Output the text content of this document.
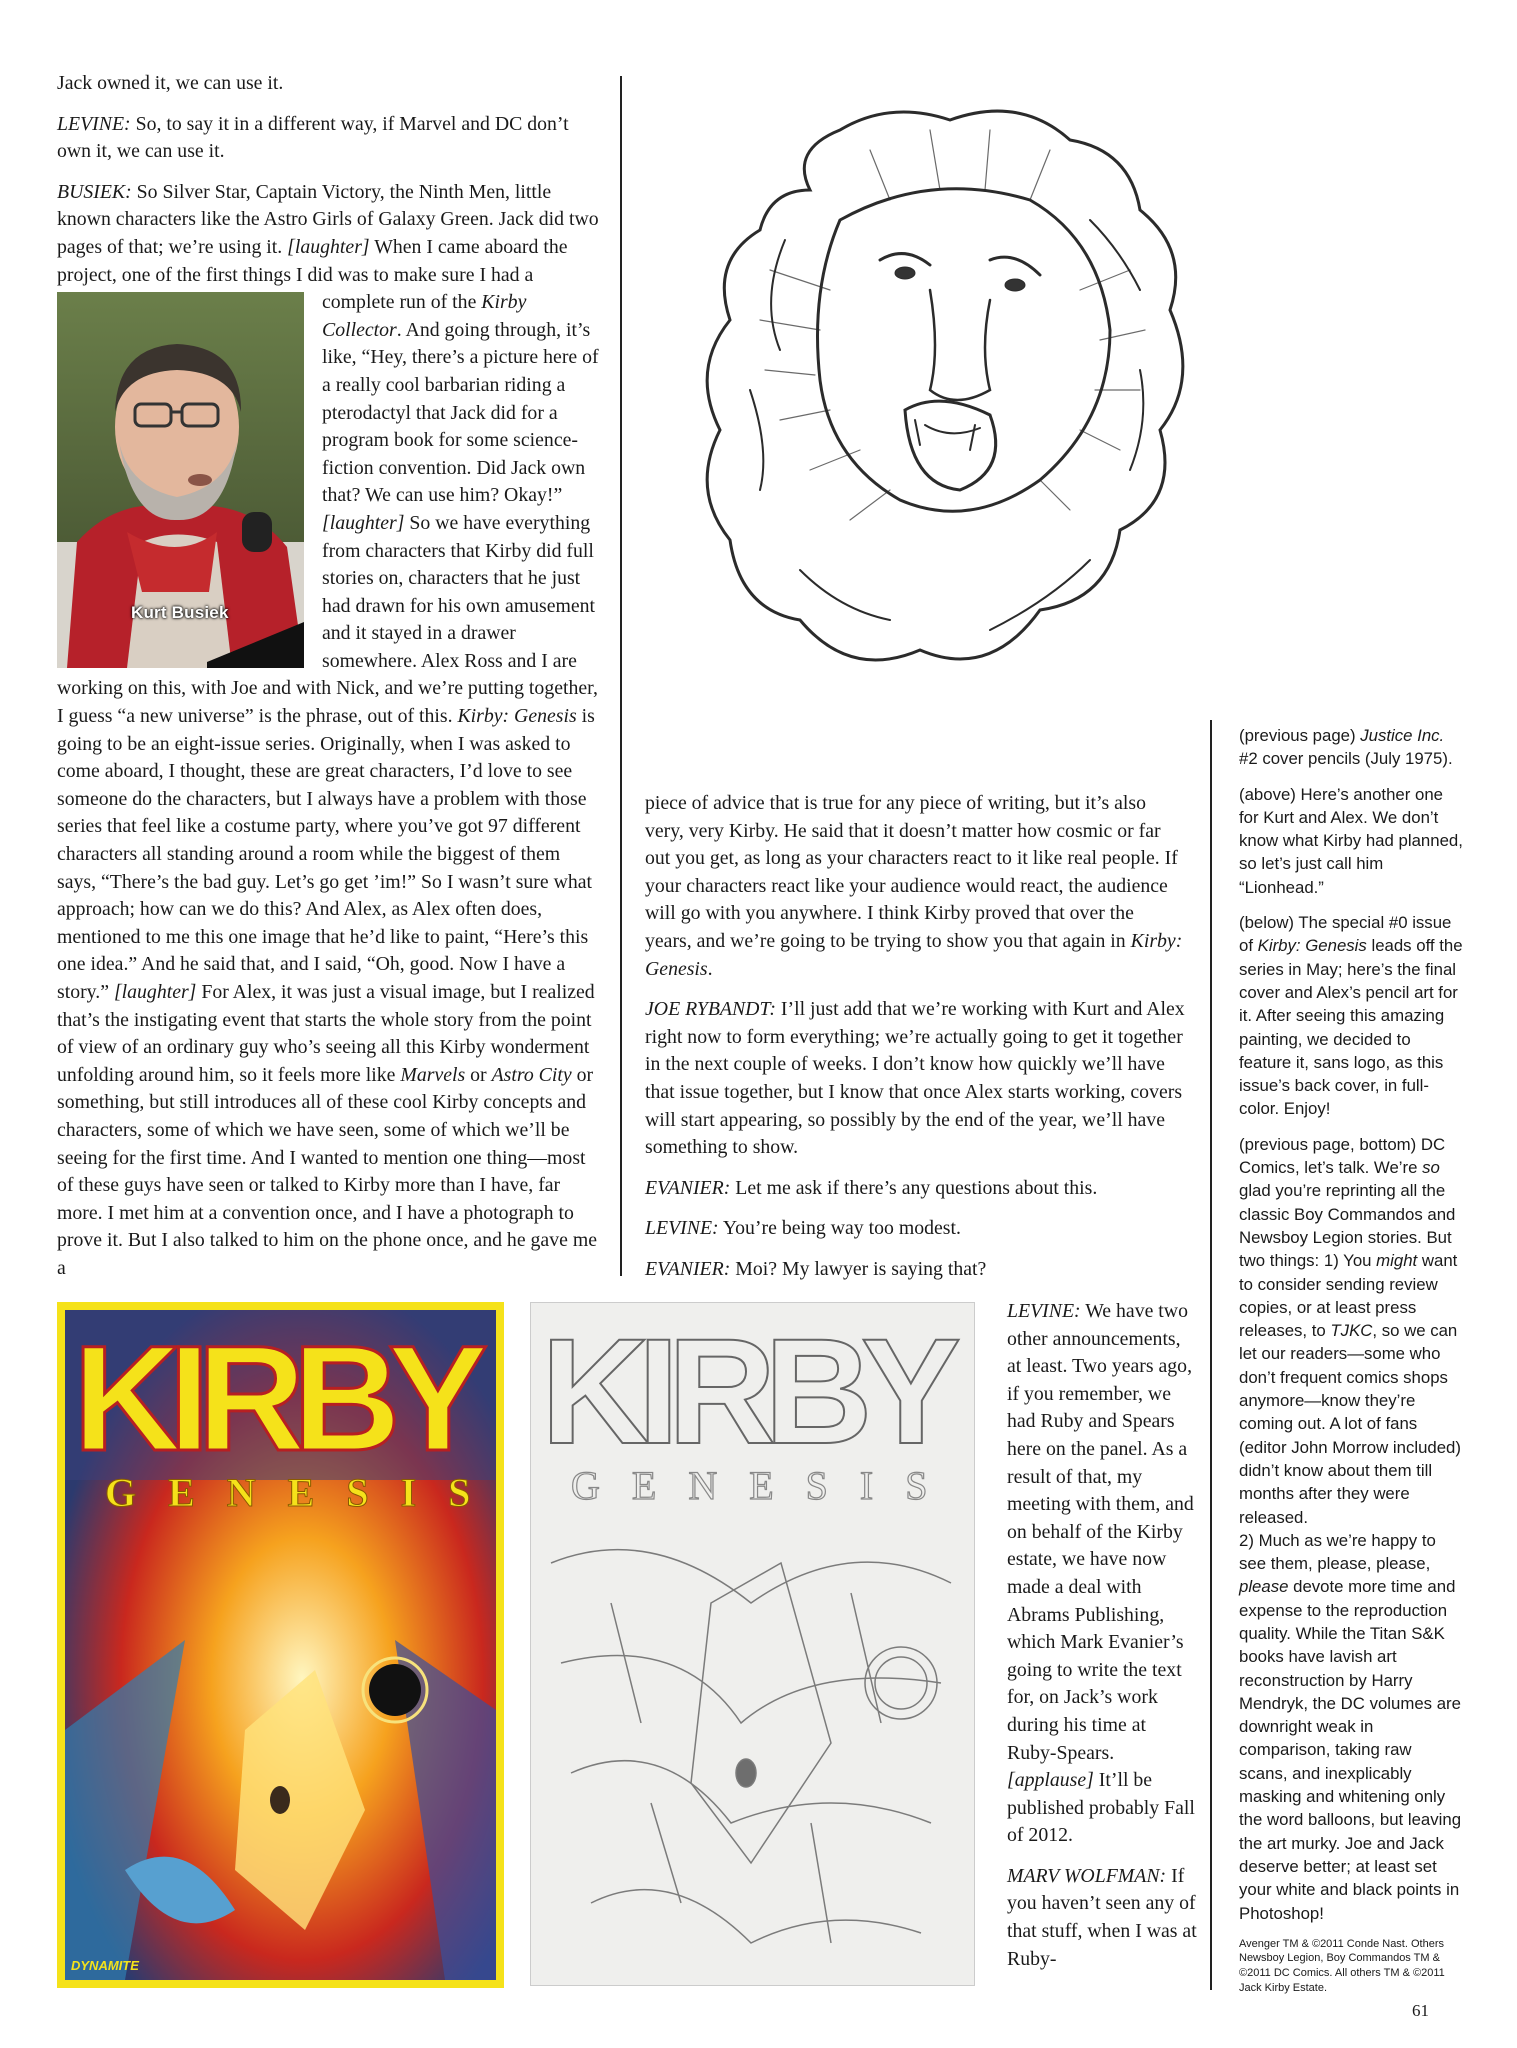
Jack owned it, we can use it.

LEVINE: So, to say it in a different way, if Marvel and DC don’t own it, we can use it.

BUSIEK: So Silver Star, Captain Victory, the Ninth Men, little known characters like the Astro Girls of Galaxy Green. Jack did two pages of that; we’re using it. [laughter] When I came aboard the project, one of the first things I did was to make sure I had a complete run of the
Kurt Busiek
Kirby Collector. And going through, it’s like, “Hey, there’s a picture here of a really cool barbarian riding a pterodactyl that Jack did for a program book for some science-fiction convention. Did Jack own that? We can use him? Okay!” [laughter] So we have everything from characters that Kirby did full stories on, characters that he just had drawn for his own amusement and it stayed in a drawer somewhere. Alex Ross and I are working on this, with Joe and with Nick, and we’re putting together, I guess “a new universe” is the phrase, out of this. Kirby: Genesis is going to be an eight-issue series. Originally, when I was asked to come aboard, I thought, these are great characters, I’d love to see someone do the characters, but I always have a problem with those series that feel like a costume party, where you’ve got 97 different characters all standing around a room while the biggest of them says, “There’s the bad guy. Let’s go get ’im!” So I wasn’t sure what approach; how can we do this? And Alex, as Alex often does, mentioned to me this one image that he’d like to paint, “Here’s this one idea.” And he said that, and I said, “Oh, good. Now I have a story.” [laughter] For Alex, it was just a visual image, but I realized that’s the instigating event that starts the whole story from the point of view of an ordinary guy who’s seeing all this Kirby wonderment unfolding around him, so it feels more like Marvels or Astro City or something, but still introduces all of these cool Kirby concepts and characters, some of which we have seen, some of which we’ll be seeing for the first time. And I wanted to mention one thing—most of these guys have seen or talked to Kirby more than I have, far more. I met him at a convention once, and I have a photograph to prove it. But I also talked to him on the phone once, and he gave me a

piece of advice that is true for any piece of writing, but it’s also very, very Kirby. He said that it doesn’t matter how cosmic or far out you get, as long as your characters react to it like real people. If your characters react like your audience would react, the audience will go with you anywhere. I think Kirby proved that over the years, and we’re going to be trying to show you that again in Kirby: Genesis.

JOE RYBANDT: I’ll just add that we’re working with Kurt and Alex right now to form everything; we’re actually going to get it together in the next couple of weeks. I don’t know how quickly we’ll have that issue together, but I know that once Alex starts working, covers will start appearing, so possibly by the end of the year, we’ll have something to show.

EVANIER: Let me ask if there’s any questions about this.

LEVINE: You’re being way too modest.

EVANIER: Moi? My lawyer is saying that?

KIRBY
GENESIS
DYNAMITE
KIRBY
GENESIS

LEVINE: We have two other announcements, at least. Two years ago, if you remember, we had Ruby and Spears here on the panel. As a result of that, my meeting with them, and on behalf of the Kirby estate, we have now made a deal with Abrams Publishing, which Mark Evanier’s going to write the text for, on Jack’s work during his time at Ruby-Spears. [applause] It’ll be published probably Fall of 2012.

MARV WOLFMAN: If you haven’t seen any of that stuff, when I was at Ruby-

(previous page) Justice Inc. #2 cover pencils (July 1975).

(above) Here’s another one for Kurt and Alex. We don’t know what Kirby had planned, so let’s just call him “Lionhead.”

(below) The special #0 issue of Kirby: Genesis leads off the series in May; here’s the final cover and Alex’s pencil art for it. After seeing this amazing painting, we decided to feature it, sans logo, as this issue’s back cover, in full-color. Enjoy!

(previous page, bottom) DC Comics, let’s talk. We’re so glad you’re reprinting all the classic Boy Commandos and Newsboy Legion stories. But two things: 1) You might want to consider sending review copies, or at least press releases, to TJKC, so we can let our readers—some who don’t frequent comics shops anymore—know they’re coming out. A lot of fans (editor John Morrow included) didn’t know about them till months after they were released.

2) Much as we’re happy to see them, please, please, please devote more time and expense to the reproduction quality. While the Titan S&K books have lavish art reconstruction by Harry Mendryk, the DC volumes are downright weak in comparison, taking raw scans, and inexplicably masking and whitening only the word balloons, but leaving the art murky. Joe and Jack deserve better; at least set your white and black points in Photoshop!

Avenger TM & ©2011 Conde Nast. Others Newsboy Legion, Boy Commandos TM & ©2011 DC Comics. All others TM & ©2011 Jack Kirby Estate.
61
